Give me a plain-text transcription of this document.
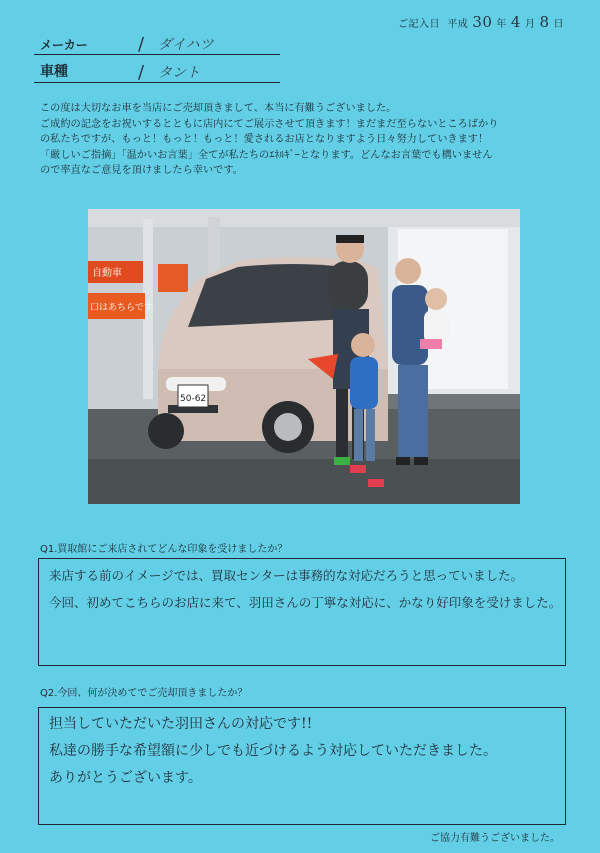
ご記入日 平成 30 年 4 月 8 日
メーカー	/ ダイハツ
車種	/ タント
この度は大切なお車を当店にご売却頂きまして、本当に有難うございました。
ご成約の記念をお祝いするとともに店内にてご展示させて頂きます！まだまだ至らないところばかり
の私たちですが、もっと！もっと！もっと！愛されるお店となりますよう日々努力していきます！
「厳しいご指摘」「温かいお言葉」全てが私たちのｴﾈﾙｷﾞｰとなります。どんなお言葉でも構いません
ので率直なご意見を頂けましたら幸いです。
自動車
口はあちらです
50-62
Q1.買取館にご来店されてどんな印象を受けましたか？
来店する前のイメージでは、買取センターは事務的な対応だろうと思っていました。
今回、初めてこちらのお店に来て、羽田さんの丁寧な対応に、かなり好印象を受けました。
Q2.今回、何が決めてでご売却頂きましたか？
担当していただいた羽田さんの対応です!!
私達の勝手な希望額に少しでも近づけるよう対応していただきました。
ありがとうございます。
ご協力有難うございました。
